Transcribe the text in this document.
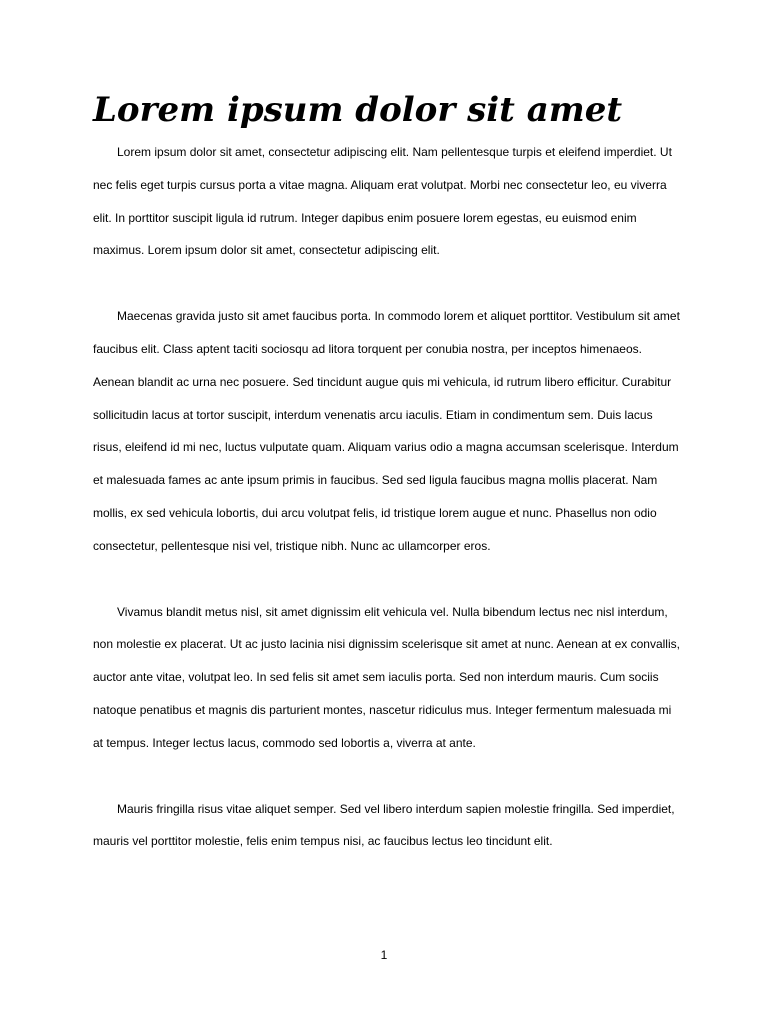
Lorem ipsum dolor sit amet

Lorem ipsum dolor sit amet, consectetur adipiscing elit. Nam pellentesque turpis et eleifend imperdiet. Ut nec felis eget turpis cursus porta a vitae magna. Aliquam erat volutpat. Morbi nec consectetur leo, eu viverra elit. In porttitor suscipit ligula id rutrum. Integer dapibus enim posuere lorem egestas, eu euismod enim maximus. Lorem ipsum dolor sit amet, consectetur adipiscing elit.

Maecenas gravida justo sit amet faucibus porta. In commodo lorem et aliquet porttitor. Vestibulum sit amet faucibus elit. Class aptent taciti sociosqu ad litora torquent per conubia nostra, per inceptos himenaeos. Aenean blandit ac urna nec posuere. Sed tincidunt augue quis mi vehicula, id rutrum libero efficitur. Curabitur sollicitudin lacus at tortor suscipit, interdum venenatis arcu iaculis. Etiam in condimentum sem. Duis lacus risus, eleifend id mi nec, luctus vulputate quam. Aliquam varius odio a magna accumsan scelerisque. Interdum et malesuada fames ac ante ipsum primis in faucibus. Sed sed ligula faucibus magna mollis placerat. Nam mollis, ex sed vehicula lobortis, dui arcu volutpat felis, id tristique lorem augue et nunc. Phasellus non odio consectetur, pellentesque nisi vel, tristique nibh. Nunc ac ullamcorper eros.

Vivamus blandit metus nisl, sit amet dignissim elit vehicula vel. Nulla bibendum lectus nec nisl interdum, non molestie ex placerat. Ut ac justo lacinia nisi dignissim scelerisque sit amet at nunc. Aenean at ex convallis, auctor ante vitae, volutpat leo. In sed felis sit amet sem iaculis porta. Sed non interdum mauris. Cum sociis natoque penatibus et magnis dis parturient montes, nascetur ridiculus mus. Integer fermentum malesuada mi at tempus. Integer lectus lacus, commodo sed lobortis a, viverra at ante.

Mauris fringilla risus vitae aliquet semper. Sed vel libero interdum sapien molestie fringilla. Sed imperdiet, mauris vel porttitor molestie, felis enim tempus nisi, ac faucibus lectus leo tincidunt elit.

1
